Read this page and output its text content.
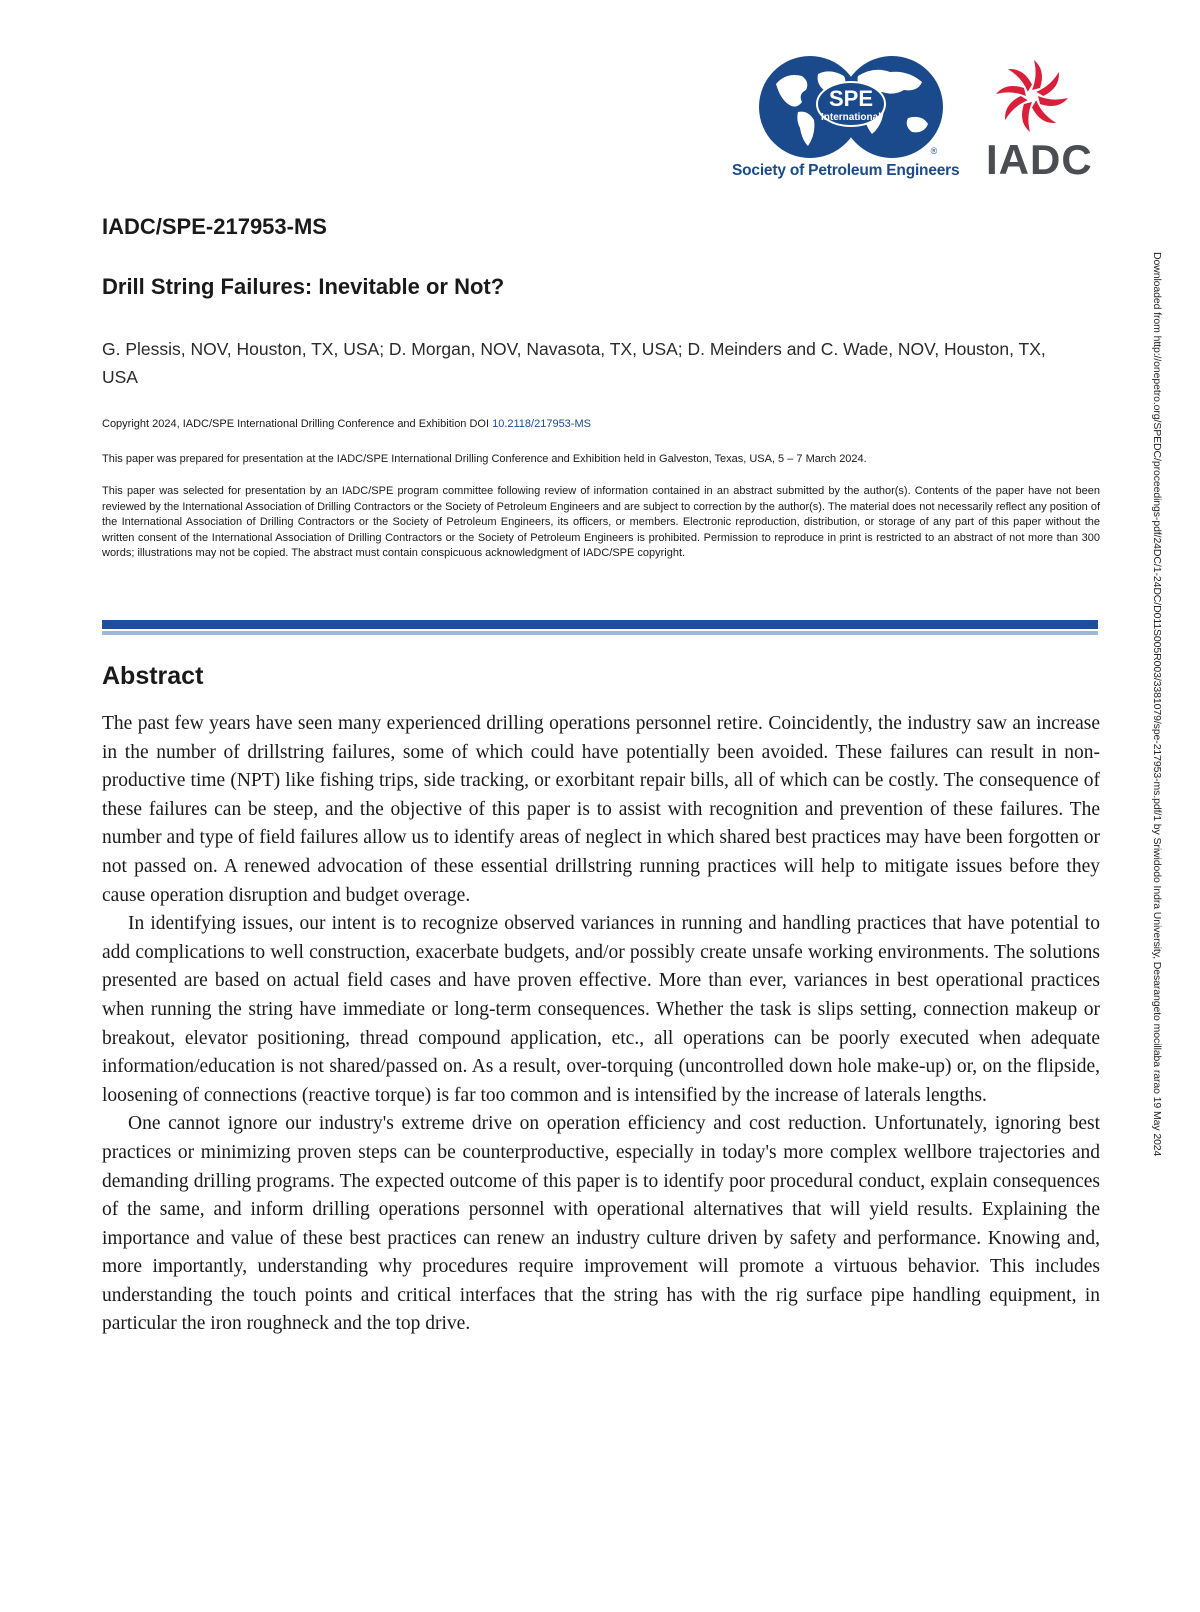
SPE
International
®
Society of Petroleum Engineers IADC
IADC/SPE-217953-MS
Drill String Failures: Inevitable or Not?

G. Plessis, NOV, Houston, TX, USA; D. Morgan, NOV, Navasota, TX, USA; D. Meinders and C. Wade, NOV, Houston, TX, USA

Copyright 2024, IADC/SPE International Drilling Conference and Exhibition DOI 10.2118/217953-MS

This paper was prepared for presentation at the IADC/SPE International Drilling Conference and Exhibition held in Galveston, Texas, USA, 5 – 7 March 2024.

This paper was selected for presentation by an IADC/SPE program committee following review of information contained in an abstract submitted by the author(s). Contents of the paper have not been reviewed by the International Association of Drilling Contractors or the Society of Petroleum Engineers and are subject to correction by the author(s). The material does not necessarily reflect any position of the International Association of Drilling Contractors or the Society of Petroleum Engineers, its officers, or members. Electronic reproduction, distribution, or storage of any part of this paper without the written consent of the International Association of Drilling Contractors or the Society of Petroleum Engineers is prohibited. Permission to reproduce in print is restricted to an abstract of not more than 300 words; illustrations may not be copied. The abstract must contain conspicuous acknowledgment of IADC/SPE copyright.

Abstract

The past few years have seen many experienced drilling operations personnel retire. Coincidently, the industry saw an increase in the number of drillstring failures, some of which could have potentially been avoided. These failures can result in non-productive time (NPT) like fishing trips, side tracking, or exorbitant repair bills, all of which can be costly. The consequence of these failures can be steep, and the objective of this paper is to assist with recognition and prevention of these failures. The number and type of field failures allow us to identify areas of neglect in which shared best practices may have been forgotten or not passed on. A renewed advocation of these essential drillstring running practices will help to mitigate issues before they cause operation disruption and budget overage.

In identifying issues, our intent is to recognize observed variances in running and handling practices that have potential to add complications to well construction, exacerbate budgets, and/or possibly create unsafe working environments. The solutions presented are based on actual field cases and have proven effective. More than ever, variances in best operational practices when running the string have immediate or long-term consequences. Whether the task is slips setting, connection makeup or breakout, elevator positioning, thread compound application, etc., all operations can be poorly executed when adequate information/education is not shared/passed on. As a result, over-torquing (uncontrolled down hole make-up) or, on the flipside, loosening of connections (reactive torque) is far too common and is intensified by the increase of laterals lengths.

One cannot ignore our industry's extreme drive on operation efficiency and cost reduction. Unfortunately, ignoring best practices or minimizing proven steps can be counterproductive, especially in today's more complex wellbore trajectories and demanding drilling programs. The expected outcome of this paper is to identify poor procedural conduct, explain consequences of the same, and inform drilling operations personnel with operational alternatives that will yield results. Explaining the importance and value of these best practices can renew an industry culture driven by safety and performance. Knowing and, more importantly, understanding why procedures require improvement will promote a virtuous behavior. This includes understanding the touch points and critical interfaces that the string has with the rig surface pipe handling equipment, in particular the iron roughneck and the top drive.

Downloaded from http://onepetro.org/SPEDC/proceedings-pdf/24DC/1-24DC/D011S005R003/3381079/spe-217953-ms.pdf/1 by Sriwidodo Indra University, Desarangeto mocillaba rarao 19 May 2024
